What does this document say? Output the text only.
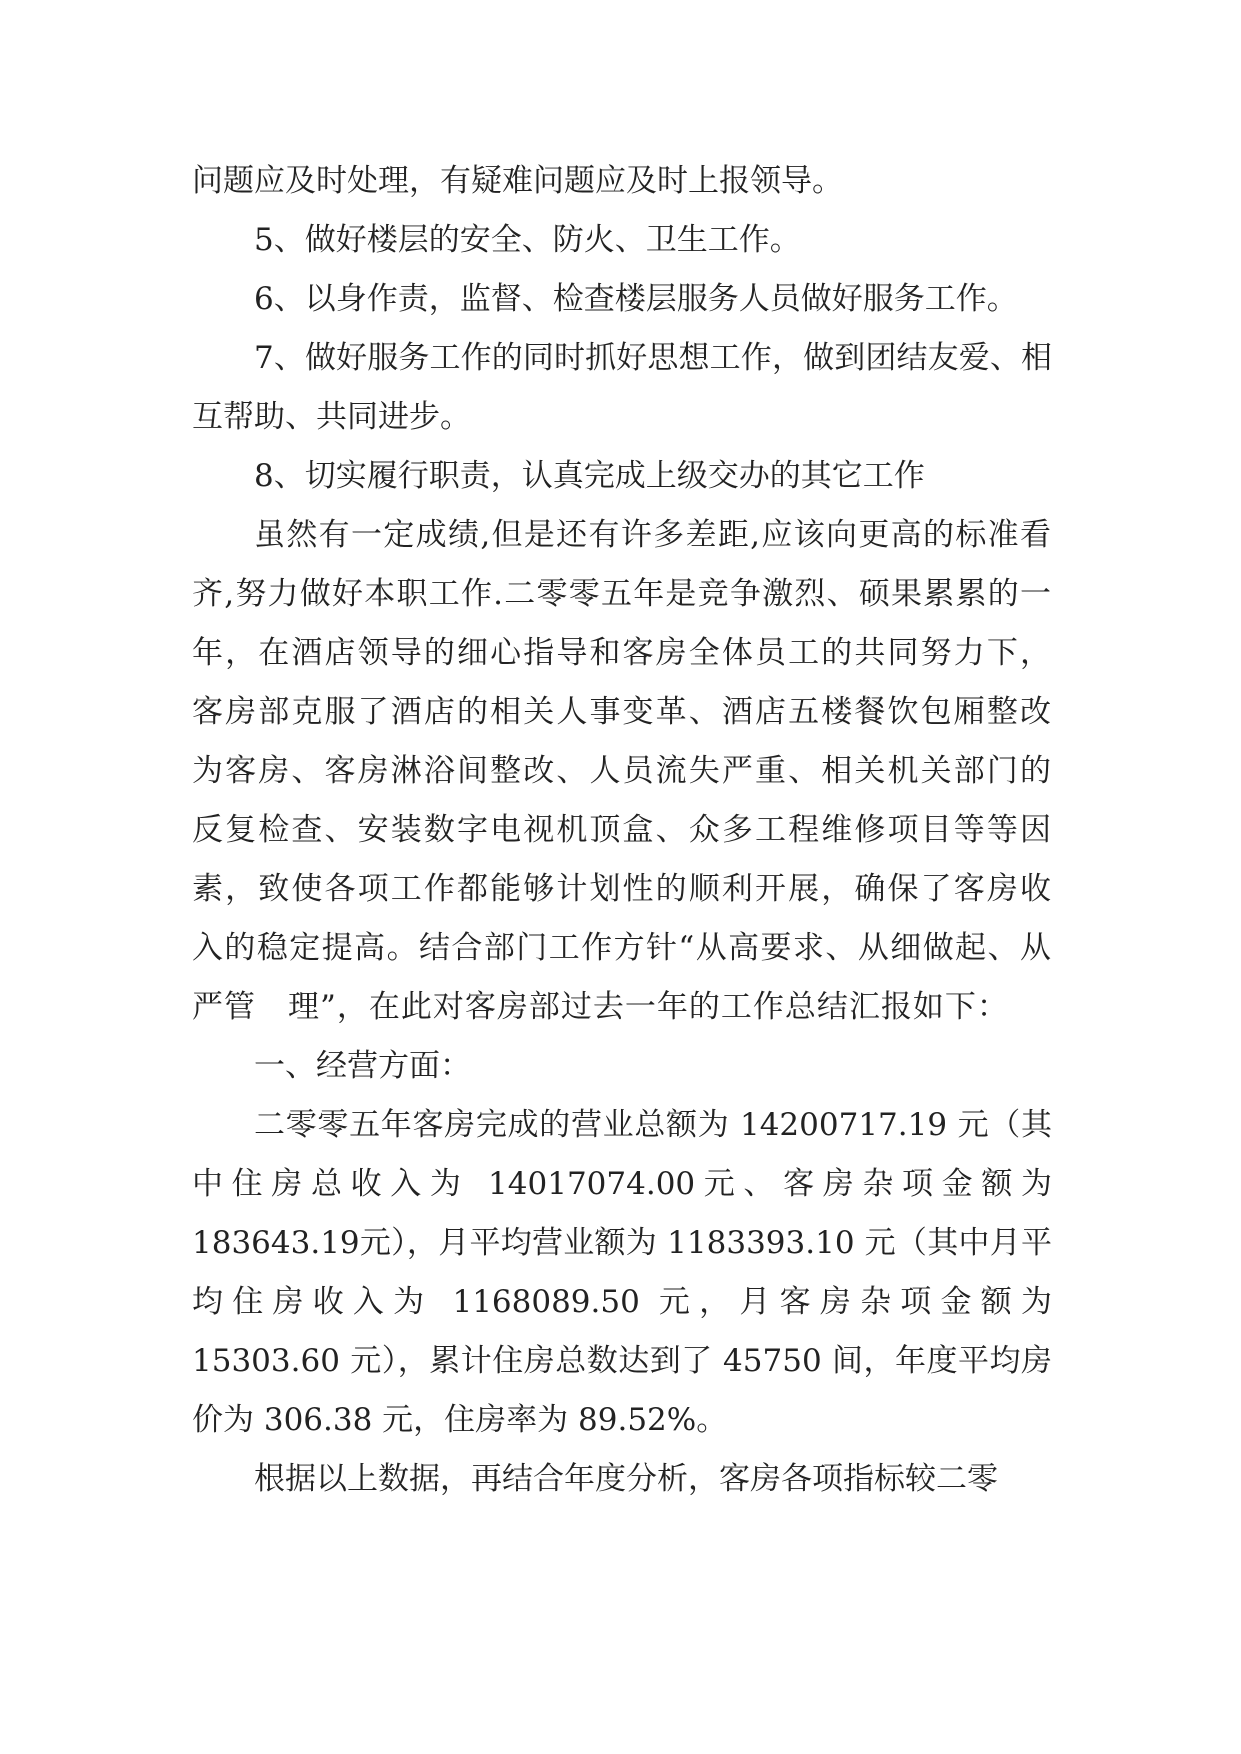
问题应及时处理，有疑难问题应及时上报领导。

5、做好楼层的安全、防火、卫生工作。

6、以身作责，监督、检查楼层服务人员做好服务工作。

7、做好服务工作的同时抓好思想工作，做到团结友爱、相互帮助、共同进步。

8、切实履行职责，认真完成上级交办的其它工作

虽然有一定成绩,但是还有许多差距,应该向更高的标准看齐,努力做好本职工作.二零零五年是竞争激烈、硕果累累的一年，在酒店领导的细心指导和客房全体员工的共同努力下，客房部克服了酒店的相关人事变革、酒店五楼餐饮包厢整改为客房、客房淋浴间整改、人员流失严重、相关机关部门的反复检查、安装数字电视机顶盒、众多工程维修项目等等因素，致使各项工作都能够计划性的顺利开展，确保了客房收入的稳定提高。结合部门工作方针“从高要求、从细做起、从严管　理”，在此对客房部过去一年的工作总结汇报如下：

一、经营方面：

二零零五年客房完成的营业总额为 14200717.19 元（其中住房总收入为 14017074.00元、客房杂项金额为 183643.19元），月平均营业额为 1183393.10 元（其中月平均住房收入为 1168089.50 元，月客房杂项金额为 15303.60 元），累计住房总数达到了 45750 间，年度平均房价为 306.38 元，住房率为 89.52%。

根据以上数据，再结合年度分析，客房各项指标较二零
